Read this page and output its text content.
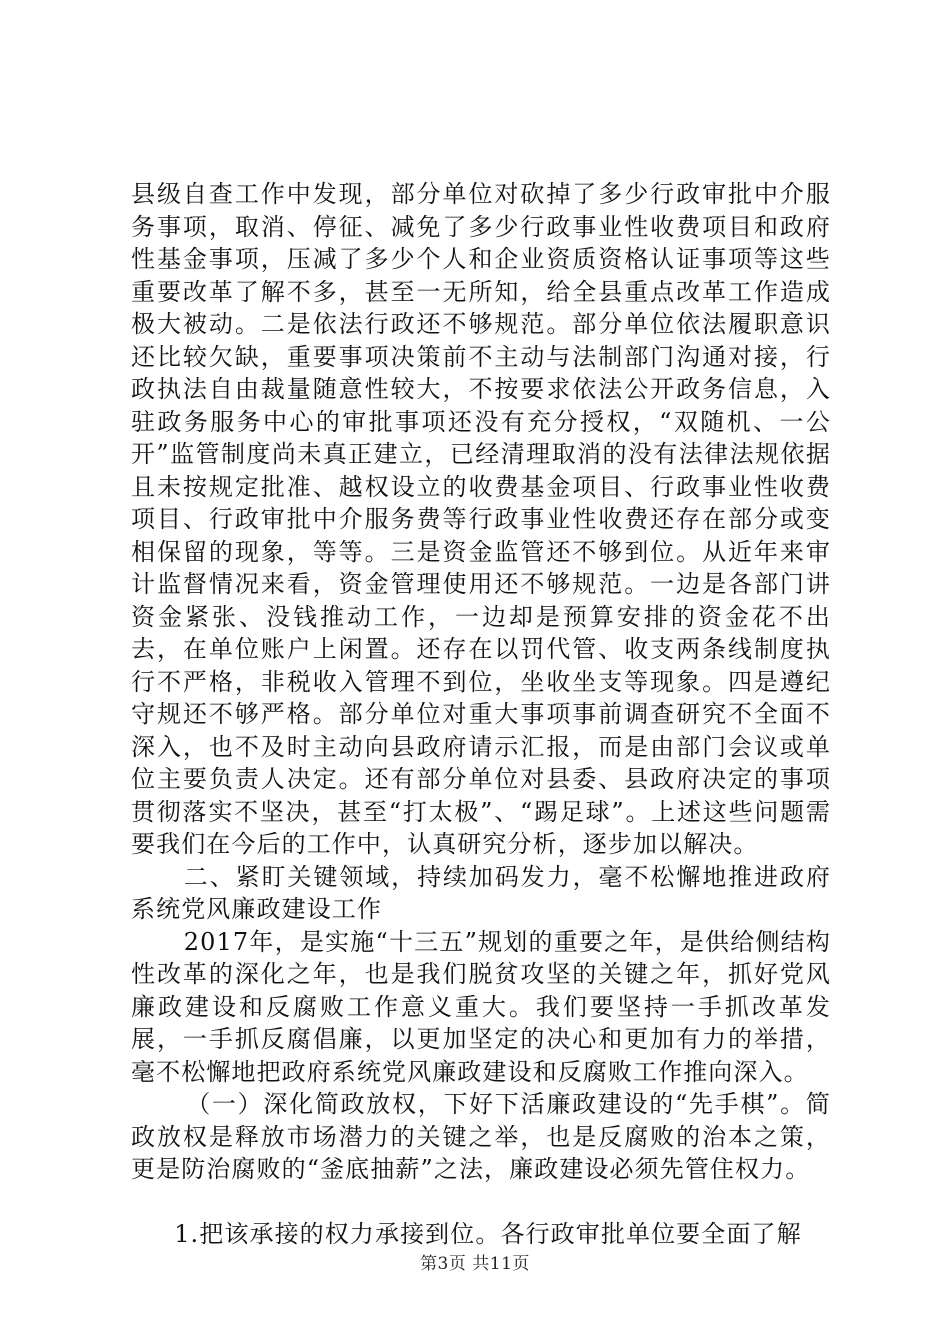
县级自查工作中发现，部分单位对砍掉了多少行政审批中介服务事项，取消、停征、减免了多少行政事业性收费项目和政府性基金事项，压减了多少个人和企业资质资格认证事项等这些重要改革了解不多，甚至一无所知，给全县重点改革工作造成极大被动。二是依法行政还不够规范。部分单位依法履职意识还比较欠缺，重要事项决策前不主动与法制部门沟通对接，行政执法自由裁量随意性较大，不按要求依法公开政务信息，入驻政务服务中心的审批事项还没有充分授权，“双随机、一公开”监管制度尚未真正建立，已经清理取消的没有法律法规依据且未按规定批准、越权设立的收费基金项目、行政事业性收费项目、行政审批中介服务费等行政事业性收费还存在部分或变相保留的现象，等等。三是资金监管还不够到位。从近年来审计监督情况来看，资金管理使用还不够规范。一边是各部门讲资金紧张、没钱推动工作，一边却是预算安排的资金花不出去，在单位账户上闲置。还存在以罚代管、收支两条线制度执行不严格，非税收入管理不到位，坐收坐支等现象。四是遵纪守规还不够严格。部分单位对重大事项事前调查研究不全面不深入，也不及时主动向县政府请示汇报，而是由部门会议或单位主要负责人决定。还有部分单位对县委、县政府决定的事项贯彻落实不坚决，甚至“打太极”、“踢足球”。上述这些问题需要我们在今后的工作中，认真研究分析，逐步加以解决。

二、紧盯关键领域，持续加码发力，毫不松懈地推进政府系统党风廉政建设工作

2017年，是实施“十三五”规划的重要之年，是供给侧结构性改革的深化之年，也是我们脱贫攻坚的关键之年，抓好党风廉政建设和反腐败工作意义重大。我们要坚持一手抓改革发展，一手抓反腐倡廉，以更加坚定的决心和更加有力的举措，毫不松懈地把政府系统党风廉政建设和反腐败工作推向深入。

（一）深化简政放权，下好下活廉政建设的“先手棋”。简政放权是释放市场潜力的关键之举，也是反腐败的治本之策，更是防治腐败的“釜底抽薪”之法，廉政建设必须先管住权力。

1.把该承接的权力承接到位。各行政审批单位要全面了解

第3页 共11页
